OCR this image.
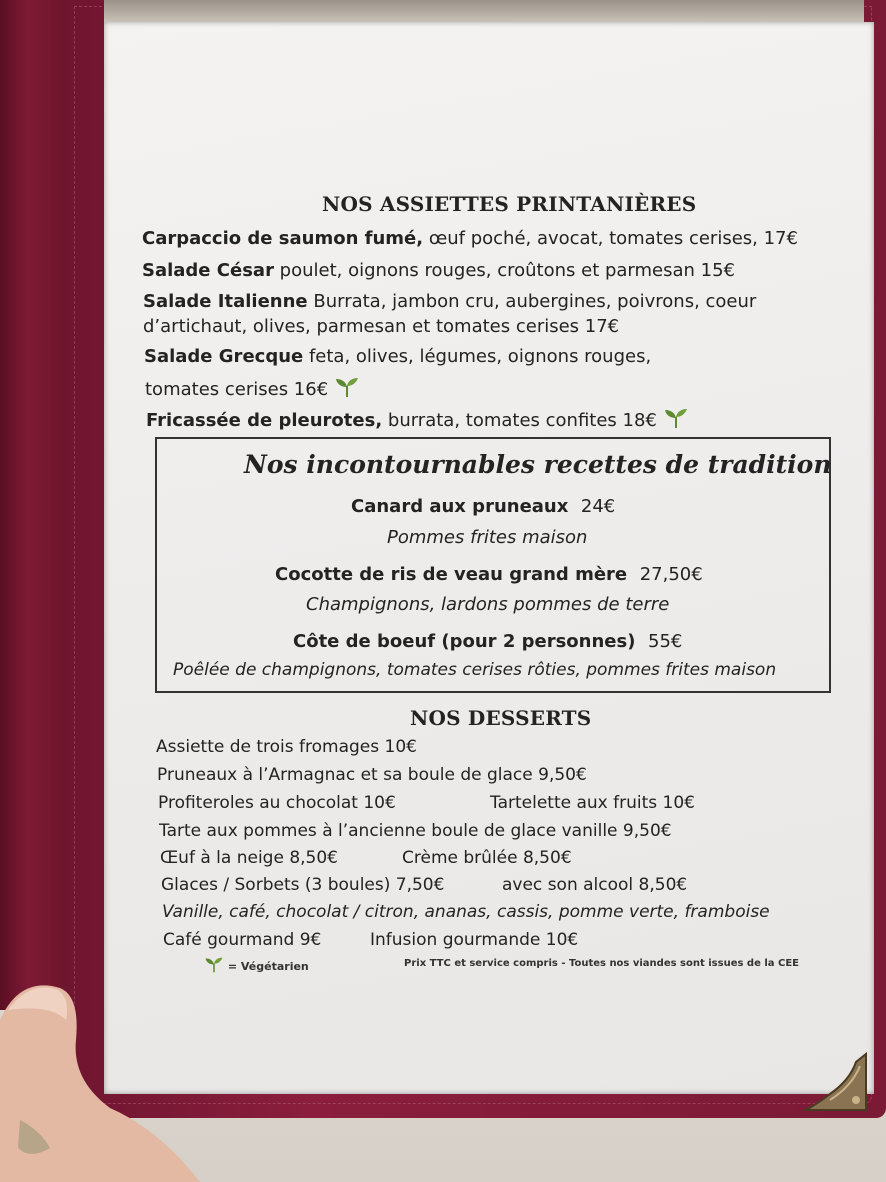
NOS ASSIETTES PRINTANIÈRES
Carpaccio de saumon fumé, œuf poché, avocat, tomates cerises, 17€
Salade César poulet, oignons rouges, croûtons et parmesan 15€
Salade Italienne Burrata, jambon cru, aubergines, poivrons, coeur
d’artichaut, olives, parmesan et tomates cerises 17€
Salade Grecque feta, olives, légumes, oignons rouges,
tomates cerises 16€
Fricassée de pleurotes, burrata, tomates confites 18€
Nos incontournables recettes de tradition
Canard aux pruneaux 24€
Pommes frites maison
Cocotte de ris de veau grand mère 27,50€
Champignons, lardons pommes de terre
Côte de boeuf (pour 2 personnes) 55€
Poêlée de champignons, tomates cerises rôties, pommes frites maison
NOS DESSERTS
Assiette de trois fromages 10€
Pruneaux à l’Armagnac et sa boule de glace 9,50€
Profiteroles au chocolat 10€	Tartelette aux fruits 10€
Tarte aux pommes à l’ancienne boule de glace vanille 9,50€
Œuf à la neige 8,50€	Crème brûlée 8,50€
Glaces / Sorbets (3 boules) 7,50€	avec son alcool 8,50€
Vanille, café, chocolat / citron, ananas, cassis, pomme verte, framboise
Café gourmand 9€	Infusion gourmande 10€
= Végétarien	Prix TTC et service compris - Toutes nos viandes sont issues de la CEE
